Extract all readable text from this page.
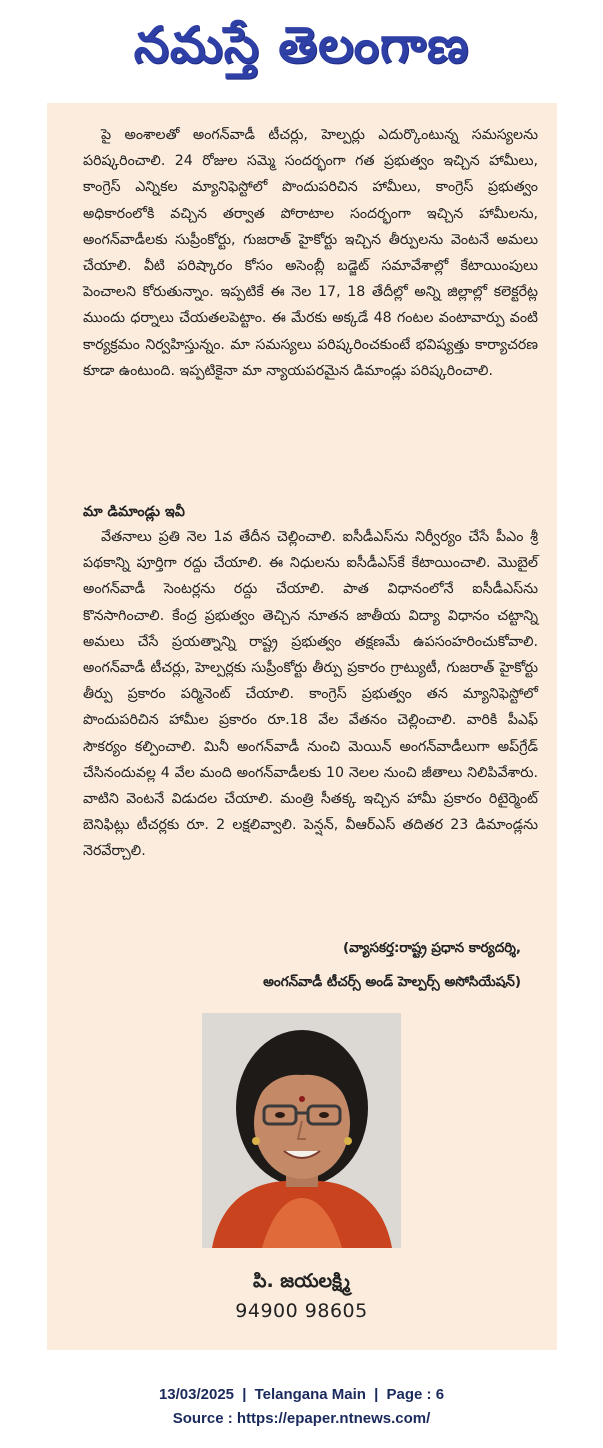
నమస్తే తెలంగాణ
పై అంశాలతో అంగన్‌వాడీ టీచర్లు, హెల్పర్లు ఎదుర్కొంటున్న సమస్యలను పరిష్కరించాలి. 24 రోజుల సమ్మె సందర్భంగా గత ప్రభుత్వం ఇచ్చిన హామీలు, కాంగ్రెస్ ఎన్నికల మ్యానిఫెస్టోలో పొందుపరిచిన హామీలు, కాంగ్రెస్ ప్రభుత్వం అధికారంలోకి వచ్చిన తర్వాత పోరాటాల సందర్భంగా ఇచ్చిన హామీలను, అంగన్‌వాడీలకు సుప్రీంకోర్టు, గుజరాత్ హైకోర్టు ఇచ్చిన తీర్పులను వెంటనే అమలు చేయాలి. వీటి పరిష్కారం కోసం అసెంబ్లీ బడ్జెట్ సమావేశాల్లో కేటాయింపులు పెంచాలని కోరుతున్నాం. ఇప్పటికే ఈ నెల 17, 18 తేదీల్లో అన్ని జిల్లాల్లో కలెక్టరేట్ల ముందు ధర్నాలు చేయతలపెట్టాం. ఈ మేరకు అక్కడే 48 గంటల వంటావార్పు వంటి కార్యక్రమం నిర్వహిస్తున్నం. మా సమస్యలు పరిష్కరించకుంటే భవిష్యత్తు కార్యాచరణ కూడా ఉంటుంది. ఇప్పటికైనా మా న్యాయపరమైన డిమాండ్లు పరిష్కరించాలి.
మా డిమాండ్లు ఇవీ
వేతనాలు ప్రతి నెల 1వ తేదీన చెల్లించాలి. ఐసీడీఎస్‌ను నిర్వీర్యం చేసే పీఎం శ్రీ పథకాన్ని పూర్తిగా రద్దు చేయాలి. ఈ నిధులను ఐసీడీఎస్‌కే కేటాయించాలి. మొబైల్ అంగన్‌వాడీ సెంటర్లను రద్దు చేయాలి. పాత విధానంలోనే ఐసీడీఎస్‌ను కొనసాగించాలి. కేంద్ర ప్రభుత్వం తెచ్చిన నూతన జాతీయ విద్యా విధానం చట్టాన్ని అమలు చేసే ప్రయత్నాన్ని రాష్ట్ర ప్రభుత్వం తక్షణమే ఉపసంహరించుకోవాలి. అంగన్‌వాడీ టీచర్లు, హెల్పర్లకు సుప్రీంకోర్టు తీర్పు ప్రకారం గ్రాట్యుటీ, గుజరాత్ హైకోర్టు తీర్పు ప్రకారం పర్మినెంట్ చేయాలి. కాంగ్రెస్ ప్రభుత్వం తన మ్యానిఫెస్టోలో పొందుపరిచిన హామీల ప్రకారం రూ.18 వేల వేతనం చెల్లించాలి. వారికి పీఎఫ్ సౌకర్యం కల్పించాలి. మినీ అంగన్‌వాడీ నుంచి మెయిన్ అంగన్‌వాడీలుగా అప్‌గ్రేడ్ చేసినందువల్ల 4 వేల మంది అంగన్‌వాడీలకు 10 నెలల నుంచి జీతాలు నిలిపివేశారు. వాటిని వెంటనే విడుదల చేయాలి. మంత్రి సీతక్క ఇచ్చిన హామీ ప్రకారం రిటైర్మెంట్ బెనిఫిట్లు టీచర్లకు రూ. 2 లక్షలివ్వాలి. పెన్షన్, వీఆర్‌ఎస్ తదితర 23 డిమాండ్లను నెరవేర్చాలి.
(వ్యాసకర్త:రాష్ట్ర ప్రధాన కార్యదర్శి,
అంగన్‌వాడీ టీచర్స్ అండ్ హెల్పర్స్ అసోసియేషన్)
పి. జయలక్ష్మి
94900 98605
13/03/2025 | Telangana Main | Page : 6
Source : https://epaper.ntnews.com/
